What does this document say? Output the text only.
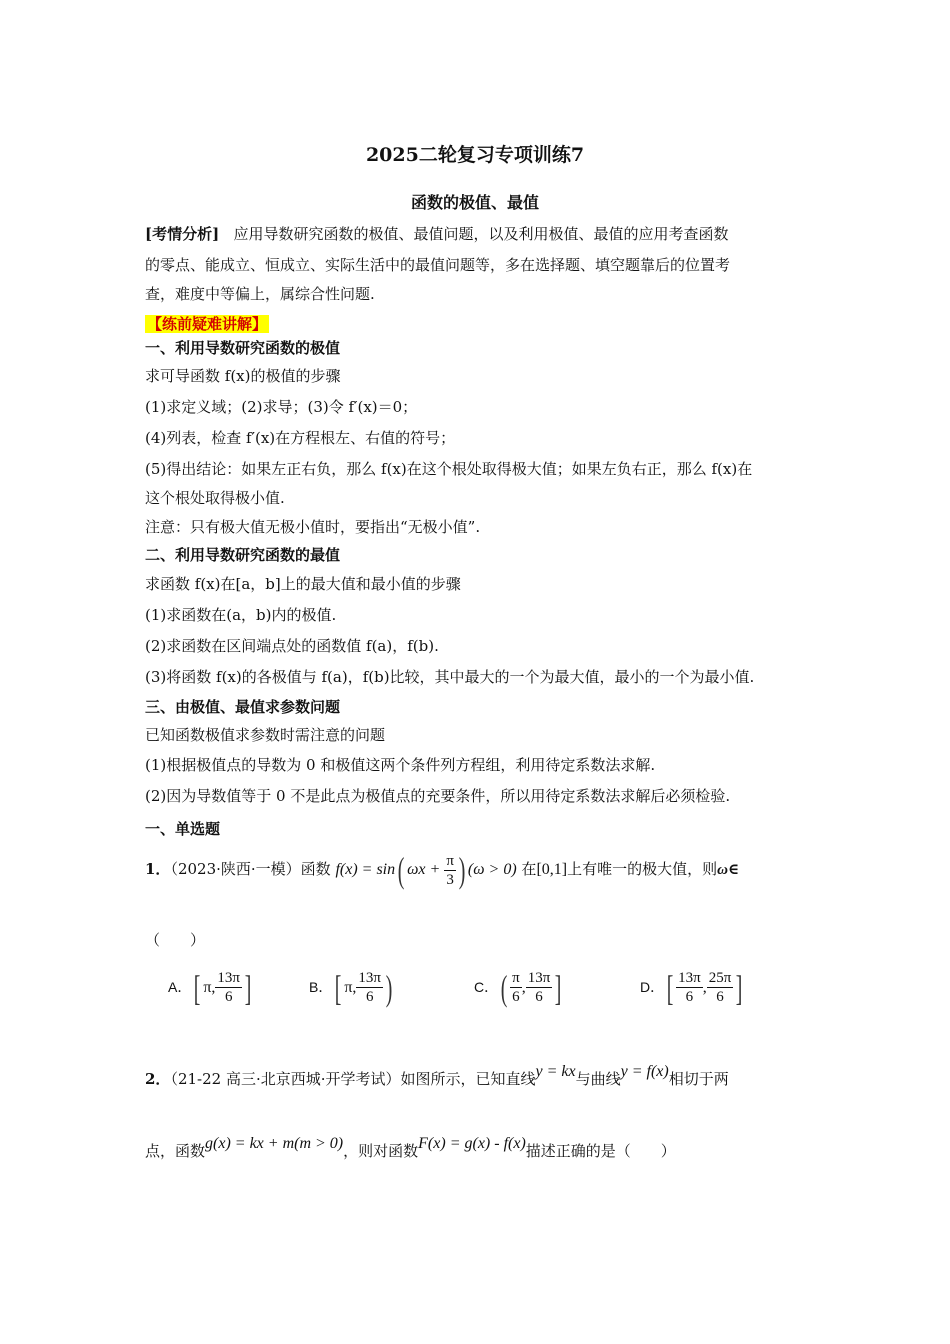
2025二轮复习专项训练7
函数的极值、最值
[考情分析] 应用导数研究函数的极值、最值问题，以及利用极值、最值的应用考查函数
的零点、能成立、恒成立、实际生活中的最值问题等，多在选择题、填空题靠后的位置考
查，难度中等偏上，属综合性问题.
【练前疑难讲解】
一、利用导数研究函数的极值
求可导函数 f(x)的极值的步骤
(1)求定义域；(2)求导；(3)令 f′(x)＝0；
(4)列表，检查 f′(x)在方程根左、右值的符号；
(5)得出结论：如果左正右负，那么 f(x)在这个根处取得极大值；如果左负右正，那么 f(x)在
这个根处取得极小值.
注意：只有极大值无极小值时，要指出“无极小值”.
二、利用导数研究函数的最值
求函数 f(x)在[a，b]上的最大值和最小值的步骤
(1)求函数在(a，b)内的极值.
(2)求函数在区间端点处的函数值 f(a)，f(b).
(3)将函数 f(x)的各极值与 f(a)，f(b)比较，其中最大的一个为最大值，最小的一个为最小值.
三、由极值、最值求参数问题
已知函数极值求参数时需注意的问题
(1)根据极值点的导数为 0 和极值这两个条件列方程组，利用待定系数法求解.
(2)因为导数值等于 0 不是此点为极值点的充要条件，所以用待定系数法求解后必须检验.
一、单选题
1．（2023·陕西·一模）函数 f(x) = sin( $\omega x + \frac{\pi}{3}$ ) (ω > 0) 在[0,1]上有唯一的极大值，则ω∈
（　　）
A．[ π, $\frac{13\pi}{6}$ ]	B．[ π, $\frac{13\pi}{6}$ )	C．( $\frac{\pi}{6}$ , $\frac{13\pi}{6}$ ]	D．[ $\frac{13\pi}{6}$ , $\frac{25\pi}{6}$ ]
2．（21-22 高三·北京西城·开学考试）如图所示，已知直线y = kx与曲线y = f(x)相切于两
点，函数g(x) = kx + m(m > 0)，则对函数F(x) = g(x) - f(x)描述正确的是（　　）
